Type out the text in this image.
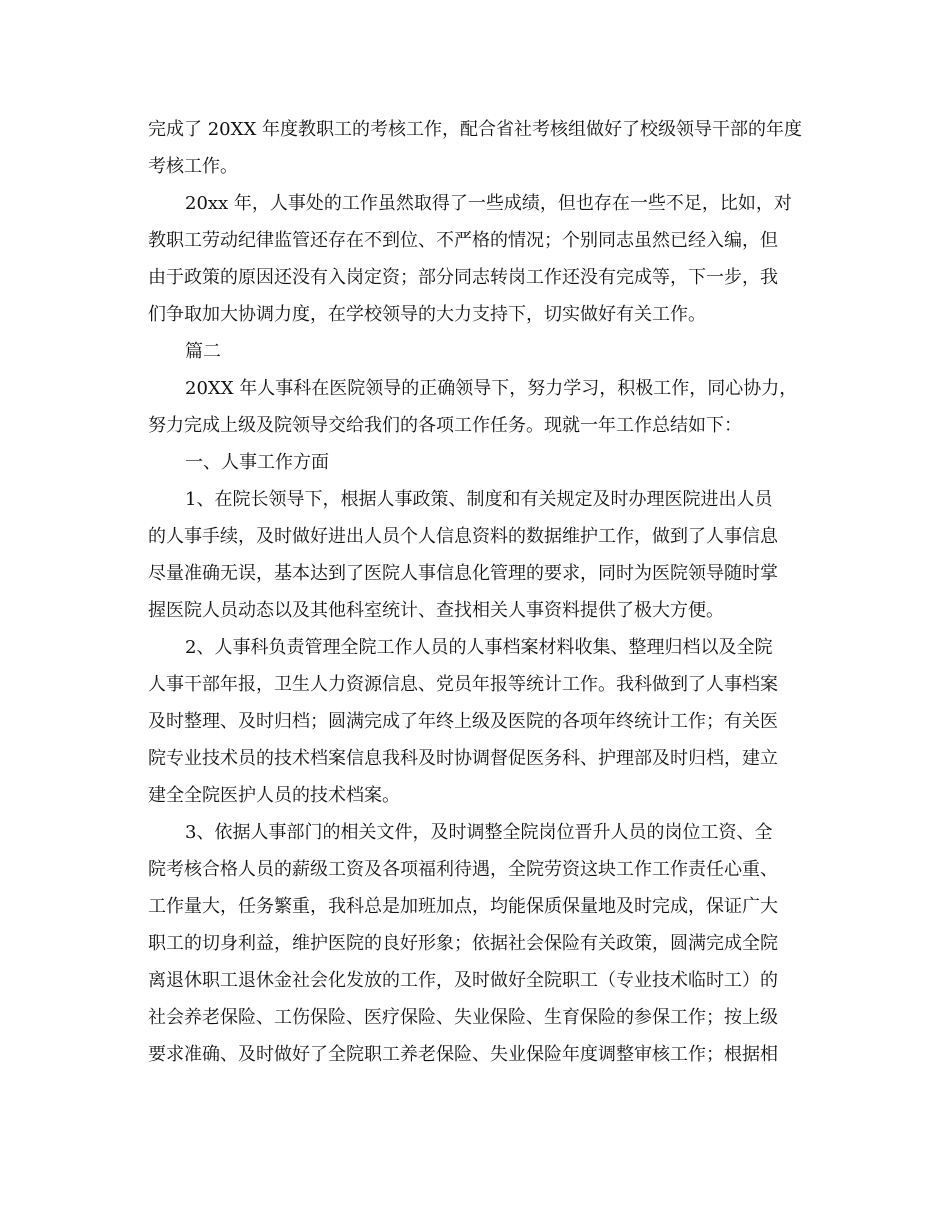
完成了 20XX 年度教职工的考核工作，配合省社考核组做好了校级领导干部的年度
考核工作。
20xx 年，人事处的工作虽然取得了一些成绩，但也存在一些不足，比如，对
教职工劳动纪律监管还存在不到位、不严格的情况；个别同志虽然已经入编，但
由于政策的原因还没有入岗定资；部分同志转岗工作还没有完成等，下一步，我
们争取加大协调力度，在学校领导的大力支持下，切实做好有关工作。
篇二
20XX 年人事科在医院领导的正确领导下，努力学习，积极工作，同心协力，
努力完成上级及院领导交给我们的各项工作任务。现就一年工作总结如下：
一、人事工作方面
1、在院长领导下，根据人事政策、制度和有关规定及时办理医院进出人员
的人事手续，及时做好进出人员个人信息资料的数据维护工作，做到了人事信息
尽量准确无误，基本达到了医院人事信息化管理的要求，同时为医院领导随时掌
握医院人员动态以及其他科室统计、查找相关人事资料提供了极大方便。
2、人事科负责管理全院工作人员的人事档案材料收集、整理归档以及全院
人事干部年报，卫生人力资源信息、党员年报等统计工作。我科做到了人事档案
及时整理、及时归档；圆满完成了年终上级及医院的各项年终统计工作；有关医
院专业技术员的技术档案信息我科及时协调督促医务科、护理部及时归档，建立
建全全院医护人员的技术档案。
3、依据人事部门的相关文件，及时调整全院岗位晋升人员的岗位工资、全
院考核合格人员的薪级工资及各项福利待遇，全院劳资这块工作工作责任心重、
工作量大，任务繁重，我科总是加班加点，均能保质保量地及时完成，保证广大
职工的切身利益，维护医院的良好形象；依据社会保险有关政策，圆满完成全院
离退休职工退休金社会化发放的工作，及时做好全院职工（专业技术临时工）的
社会养老保险、工伤保险、医疗保险、失业保险、生育保险的参保工作；按上级
要求准确、及时做好了全院职工养老保险、失业保险年度调整审核工作；根据相
